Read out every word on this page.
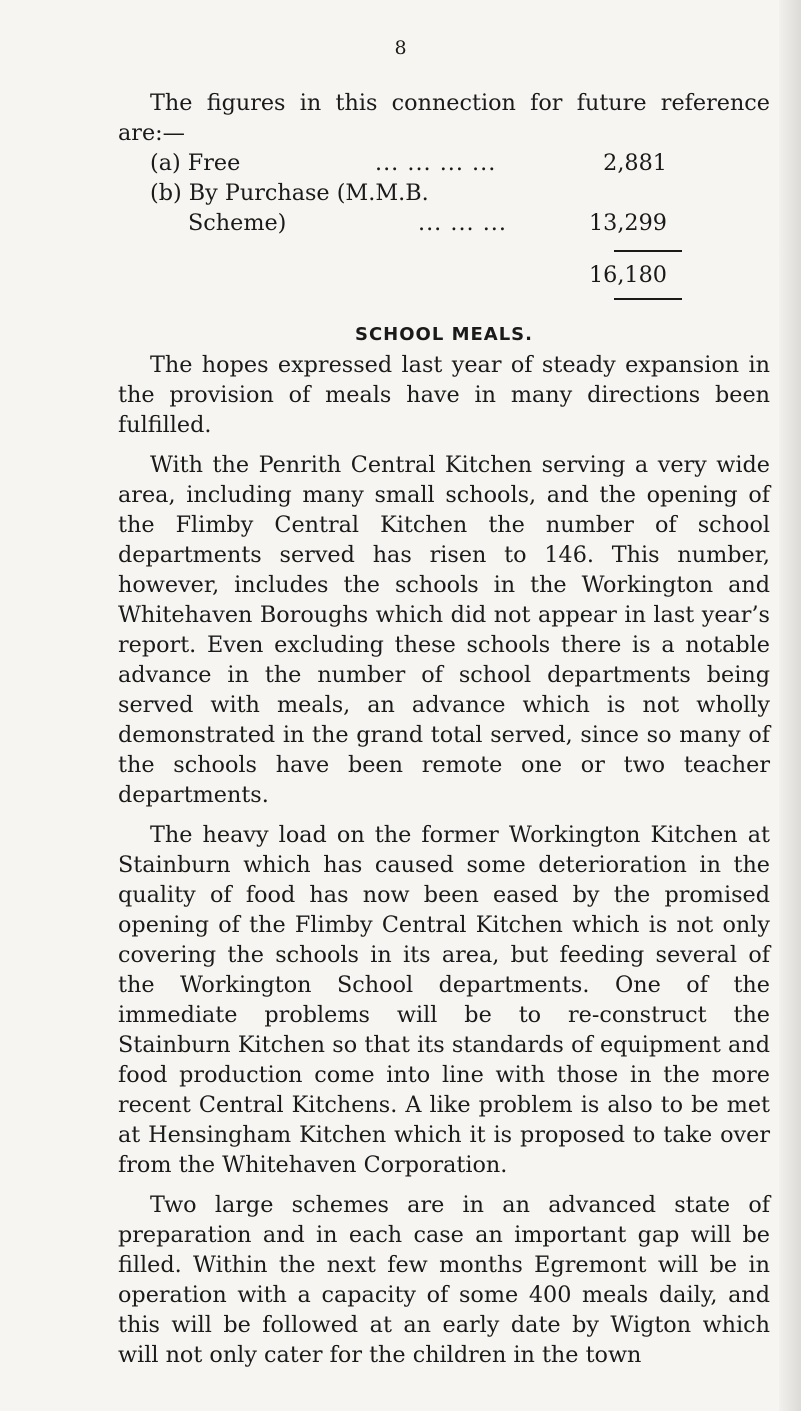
8

The figures in this connection for future reference are:—

(a) Free	... ... ... ...	2,881
(b) By Purchase (M.M.B.
Scheme)	... ... ...	13,299
16,180
SCHOOL MEALS.

The hopes expressed last year of steady expansion in the provision of meals have in many directions been fulfilled.

With the Penrith Central Kitchen serving a very wide area, including many small schools, and the opening of the Flimby Central Kitchen the number of school departments served has risen to 146. This number, however, includes the schools in the Workington and Whitehaven Boroughs which did not appear in last year’s report. Even excluding these schools there is a notable advance in the number of school departments being served with meals, an advance which is not wholly demonstrated in the grand total served, since so many of the schools have been remote one or two teacher departments.

The heavy load on the former Workington Kitchen at Stainburn which has caused some deterioration in the quality of food has now been eased by the promised opening of the Flimby Central Kitchen which is not only covering the schools in its area, but feeding several of the Workington School departments. One of the immediate problems will be to re-construct the Stainburn Kitchen so that its standards of equipment and food production come into line with those in the more recent Central Kitchens. A like problem is also to be met at Hensingham Kitchen which it is proposed to take over from the Whitehaven Corporation.

Two large schemes are in an advanced state of preparation and in each case an important gap will be filled. Within the next few months Egremont will be in operation with a capacity of some 400 meals daily, and this will be followed at an early date by Wigton which will not only cater for the children in the town
